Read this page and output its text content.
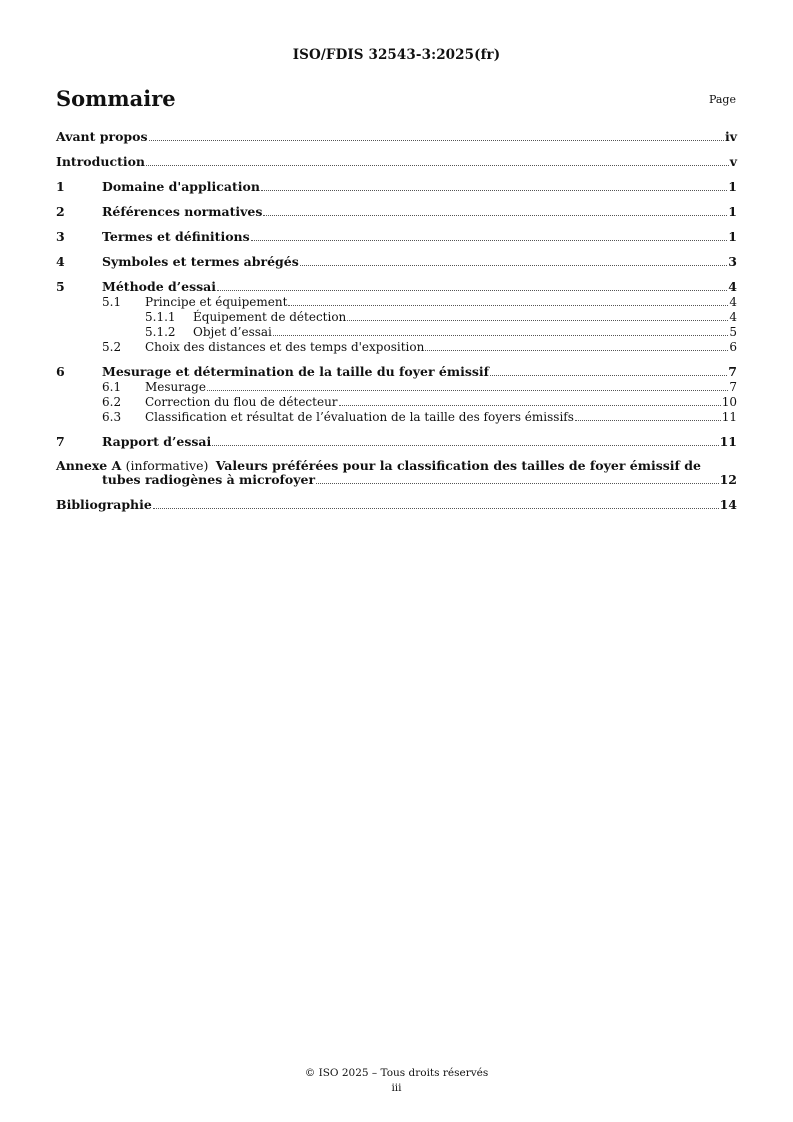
ISO/FDIS 32543-3:2025(fr)
Sommaire	Page
Avant propos	iv
Introduction	v
1	Domaine d'application	1
2	Références normatives	1
3	Termes et définitions	1
4	Symboles et termes abrégés	3
5	Méthode d’essai	4
5.1	Principe et équipement	4
5.1.1	Équipement de détection	4
5.1.2	Objet d’essai	5
5.2	Choix des distances et des temps d'exposition	6
6	Mesurage et détermination de la taille du foyer émissif	7
6.1	Mesurage	7
6.2	Correction du flou de détecteur	10
6.3	Classification et résultat de l’évaluation de la taille des foyers émissifs	11
7	Rapport d’essai	11
Annexe A (informative) Valeurs préférées pour la classification des tailles de foyer émissif de
tubes radiogènes à microfoyer	12
Bibliographie	14
© ISO 2025 – Tous droits réservés
iii
